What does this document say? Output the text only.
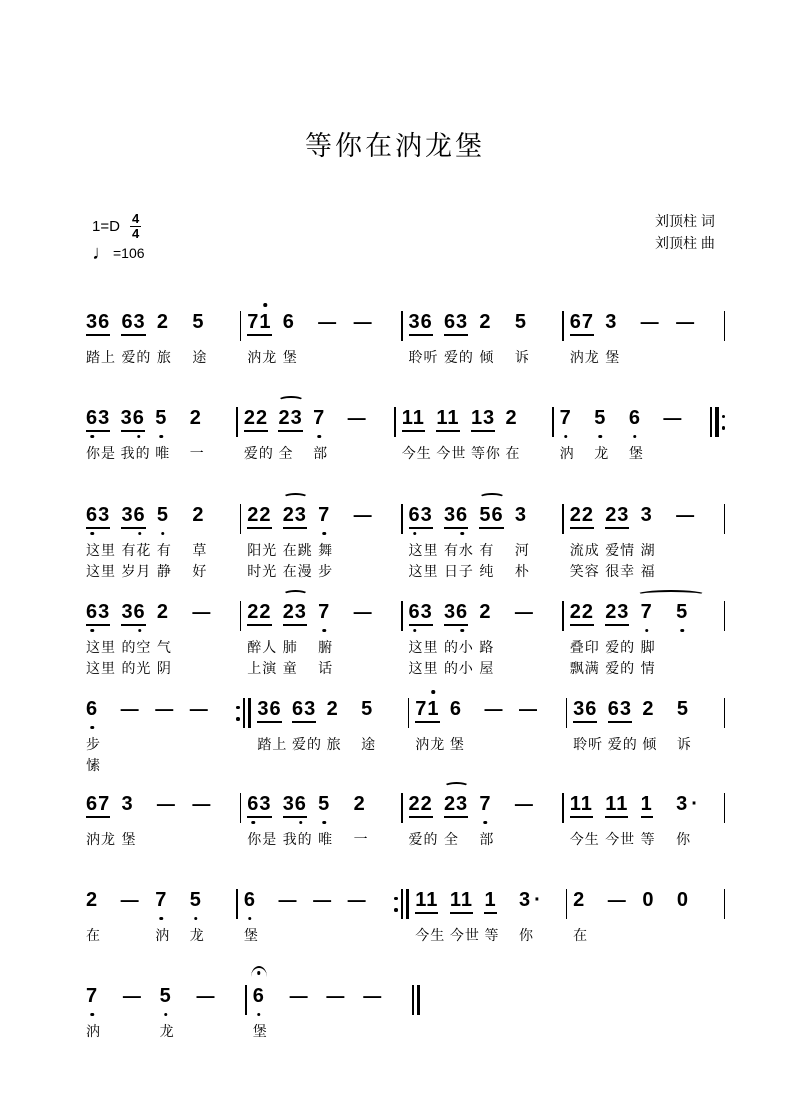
等你在汭龙堡
$1=D \frac{4}{4}$
♩ =106
刘顶柱 词
刘顶柱 曲
36 63 2 5
踏上 爱的 旅	途
71 6 — —
汭龙 堡
36 63 2 5
聆听 爱的 倾	诉
67 3 — —
汭龙 堡
63 36 5 2
你是 我的 唯	一
22 23 7 —
爱的 全	部
11 11 13 2
今生 今世 等你 在
7 5 6 —
汭	龙	堡
63 36 5 2
这里 有花 有	草
这里 岁月 静	好
22 23 7 —
阳光 在跳 舞
时光 在漫 步
63 36 56 3
这里 有水 有	河
这里 日子 纯	朴
22 23 3 —
流成 爱情 湖
笑容 很幸 福
63 36 2 —
这里 的空 气
这里 的光 阴
22 23 7 —
醉人 肺	腑
上演 童	话
63 36 2 —
这里 的小 路
这里 的小 屋
22 23 7 5
叠印 爱的 脚
飘满 爱的 情
6 — — —
步
愫
36 63 2 5
踏上 爱的 旅	途
71 6 — —
汭龙 堡
36 63 2 5
聆听 爱的 倾	诉
67 3 — —
汭龙 堡
63 36 5 2
你是 我的 唯	一
22 23 7 —
爱的 全	部
11 11 1 3 ·
今生 今世 等	你
2 — 7 5
在	汭	龙
6 — — —
堡
11 11 1 3 ·
今生 今世 等	你
2 — 0 0
在
7 — 5 —
汭	龙
6 — — —
堡
